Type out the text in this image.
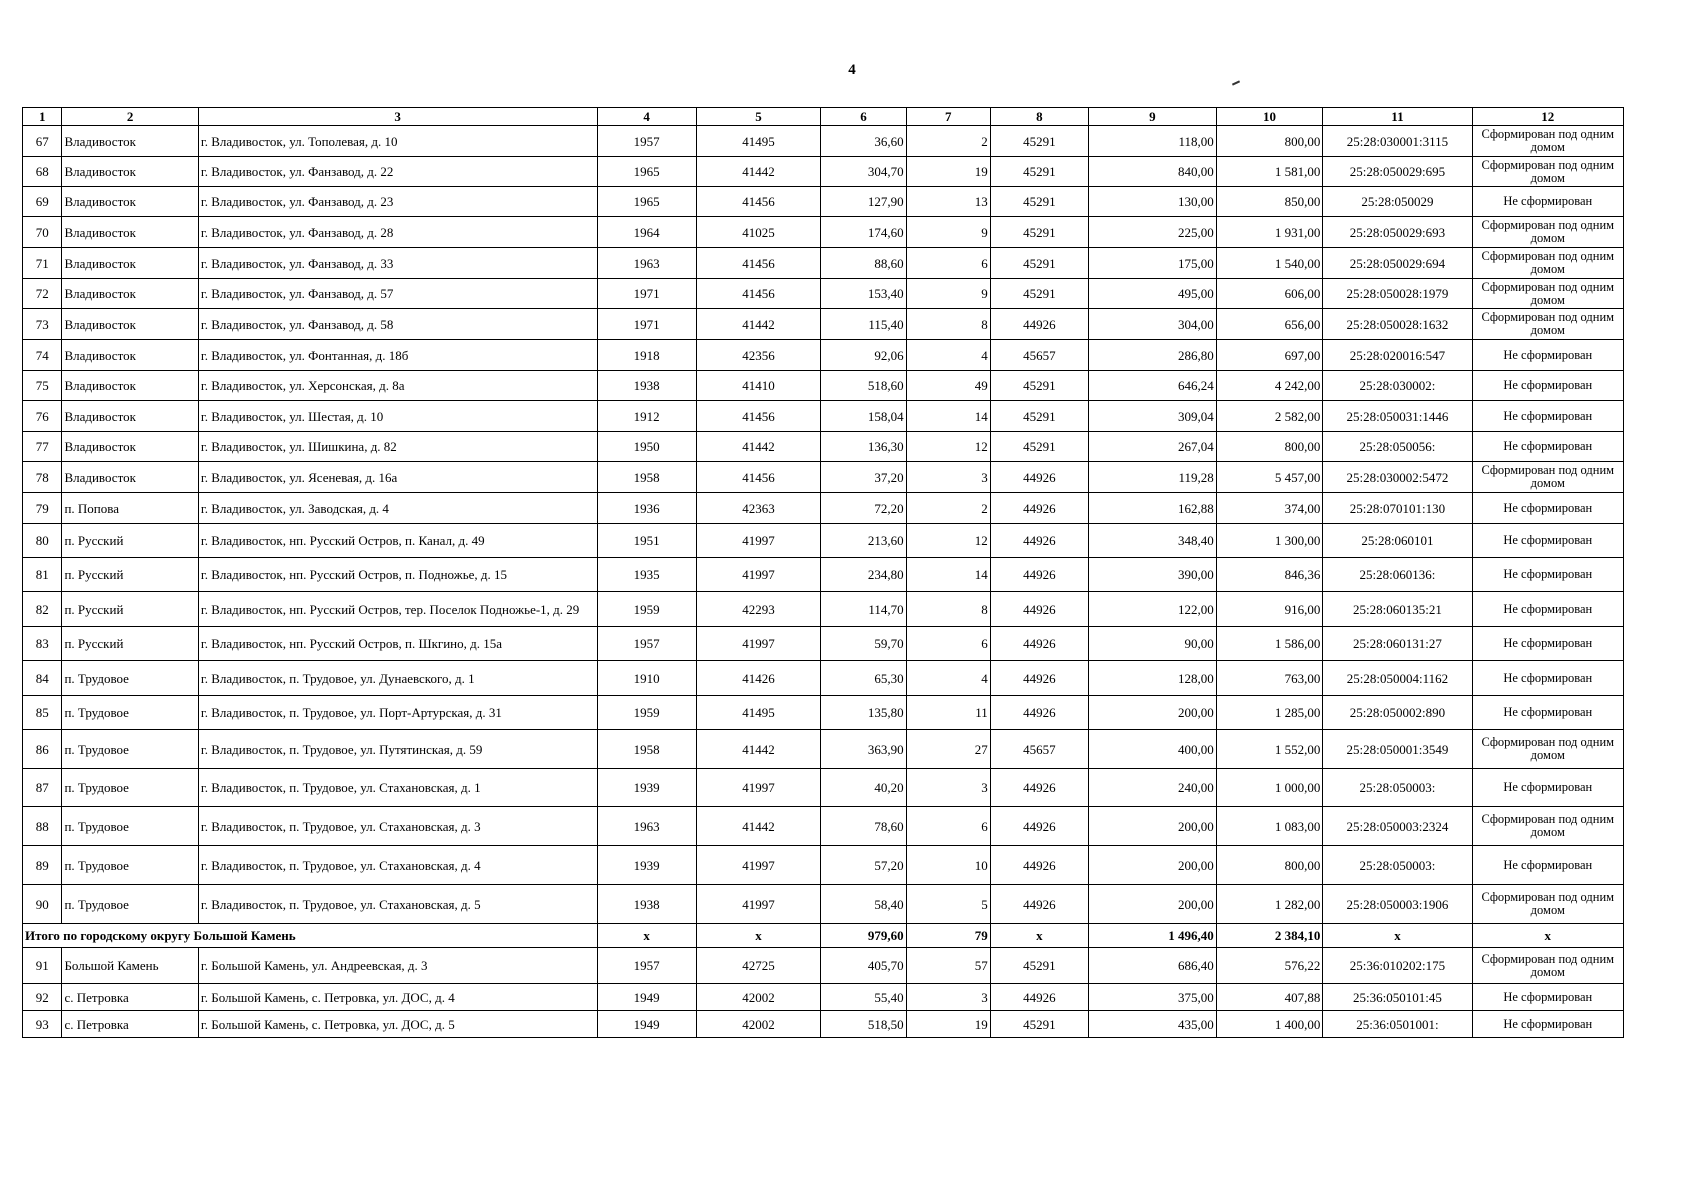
4
1	2	3	4	5	6	7	8	9	10	11	12
67	Владивосток	г. Владивосток, ул. Тополевая, д. 10	1957	41495	36,60	2	45291	118,00	800,00	25:28:030001:3115	Сформирован под одним домом
68	Владивосток	г. Владивосток, ул. Фанзавод, д. 22	1965	41442	304,70	19	45291	840,00	1 581,00	25:28:050029:695	Сформирован под одним домом
69	Владивосток	г. Владивосток, ул. Фанзавод, д. 23	1965	41456	127,90	13	45291	130,00	850,00	25:28:050029	Не сформирован
70	Владивосток	г. Владивосток, ул. Фанзавод, д. 28	1964	41025	174,60	9	45291	225,00	1 931,00	25:28:050029:693	Сформирован под одним домом
71	Владивосток	г. Владивосток, ул. Фанзавод, д. 33	1963	41456	88,60	6	45291	175,00	1 540,00	25:28:050029:694	Сформирован под одним домом
72	Владивосток	г. Владивосток, ул. Фанзавод, д. 57	1971	41456	153,40	9	45291	495,00	606,00	25:28:050028:1979	Сформирован под одним домом
73	Владивосток	г. Владивосток, ул. Фанзавод, д. 58	1971	41442	115,40	8	44926	304,00	656,00	25:28:050028:1632	Сформирован под одним домом
74	Владивосток	г. Владивосток, ул. Фонтанная, д. 18б	1918	42356	92,06	4	45657	286,80	697,00	25:28:020016:547	Не сформирован
75	Владивосток	г. Владивосток, ул. Херсонская, д. 8а	1938	41410	518,60	49	45291	646,24	4 242,00	25:28:030002:	Не сформирован
76	Владивосток	г. Владивосток, ул. Шестая, д. 10	1912	41456	158,04	14	45291	309,04	2 582,00	25:28:050031:1446	Не сформирован
77	Владивосток	г. Владивосток, ул. Шишкина, д. 82	1950	41442	136,30	12	45291	267,04	800,00	25:28:050056:	Не сформирован
78	Владивосток	г. Владивосток, ул. Ясеневая, д. 16а	1958	41456	37,20	3	44926	119,28	5 457,00	25:28:030002:5472	Сформирован под одним домом
79	п. Попова	г. Владивосток, ул. Заводская, д. 4	1936	42363	72,20	2	44926	162,88	374,00	25:28:070101:130	Не сформирован
80	п. Русский	г. Владивосток, нп. Русский Остров, п. Канал, д. 49	1951	41997	213,60	12	44926	348,40	1 300,00	25:28:060101	Не сформирован
81	п. Русский	г. Владивосток, нп. Русский Остров, п. Подножье, д. 15	1935	41997	234,80	14	44926	390,00	846,36	25:28:060136:	Не сформирован
82	п. Русский	г. Владивосток, нп. Русский Остров, тер. Поселок Подножье-1, д. 29	1959	42293	114,70	8	44926	122,00	916,00	25:28:060135:21	Не сформирован
83	п. Русский	г. Владивосток, нп. Русский Остров, п. Шкгино, д. 15а	1957	41997	59,70	6	44926	90,00	1 586,00	25:28:060131:27	Не сформирован
84	п. Трудовое	г. Владивосток, п. Трудовое, ул. Дунаевского, д. 1	1910	41426	65,30	4	44926	128,00	763,00	25:28:050004:1162	Не сформирован
85	п. Трудовое	г. Владивосток, п. Трудовое, ул. Порт-Артурская, д. 31	1959	41495	135,80	11	44926	200,00	1 285,00	25:28:050002:890	Не сформирован
86	п. Трудовое	г. Владивосток, п. Трудовое, ул. Путятинская, д. 59	1958	41442	363,90	27	45657	400,00	1 552,00	25:28:050001:3549	Сформирован под одним домом
87	п. Трудовое	г. Владивосток, п. Трудовое, ул. Стахановская, д. 1	1939	41997	40,20	3	44926	240,00	1 000,00	25:28:050003:	Не сформирован
88	п. Трудовое	г. Владивосток, п. Трудовое, ул. Стахановская, д. 3	1963	41442	78,60	6	44926	200,00	1 083,00	25:28:050003:2324	Сформирован под одним домом
89	п. Трудовое	г. Владивосток, п. Трудовое, ул. Стахановская, д. 4	1939	41997	57,20	10	44926	200,00	800,00	25:28:050003:	Не сформирован
90	п. Трудовое	г. Владивосток, п. Трудовое, ул. Стахановская, д. 5	1938	41997	58,40	5	44926	200,00	1 282,00	25:28:050003:1906	Сформирован под одним домом
Итого по городскому округу Большой Камень			х	х	979,60	79	х	1 496,40	2 384,10	х	х
91	Большой Камень	г. Большой Камень, ул. Андреевская, д. 3	1957	42725	405,70	57	45291	686,40	576,22	25:36:010202:175	Сформирован под одним домом
92	с. Петровка	г. Большой Камень, с. Петровка, ул. ДОС, д. 4	1949	42002	55,40	3	44926	375,00	407,88	25:36:050101:45	Не сформирован
93	с. Петровка	г. Большой Камень, с. Петровка, ул. ДОС, д. 5	1949	42002	518,50	19	45291	435,00	1 400,00	25:36:0501001:	Не сформирован
